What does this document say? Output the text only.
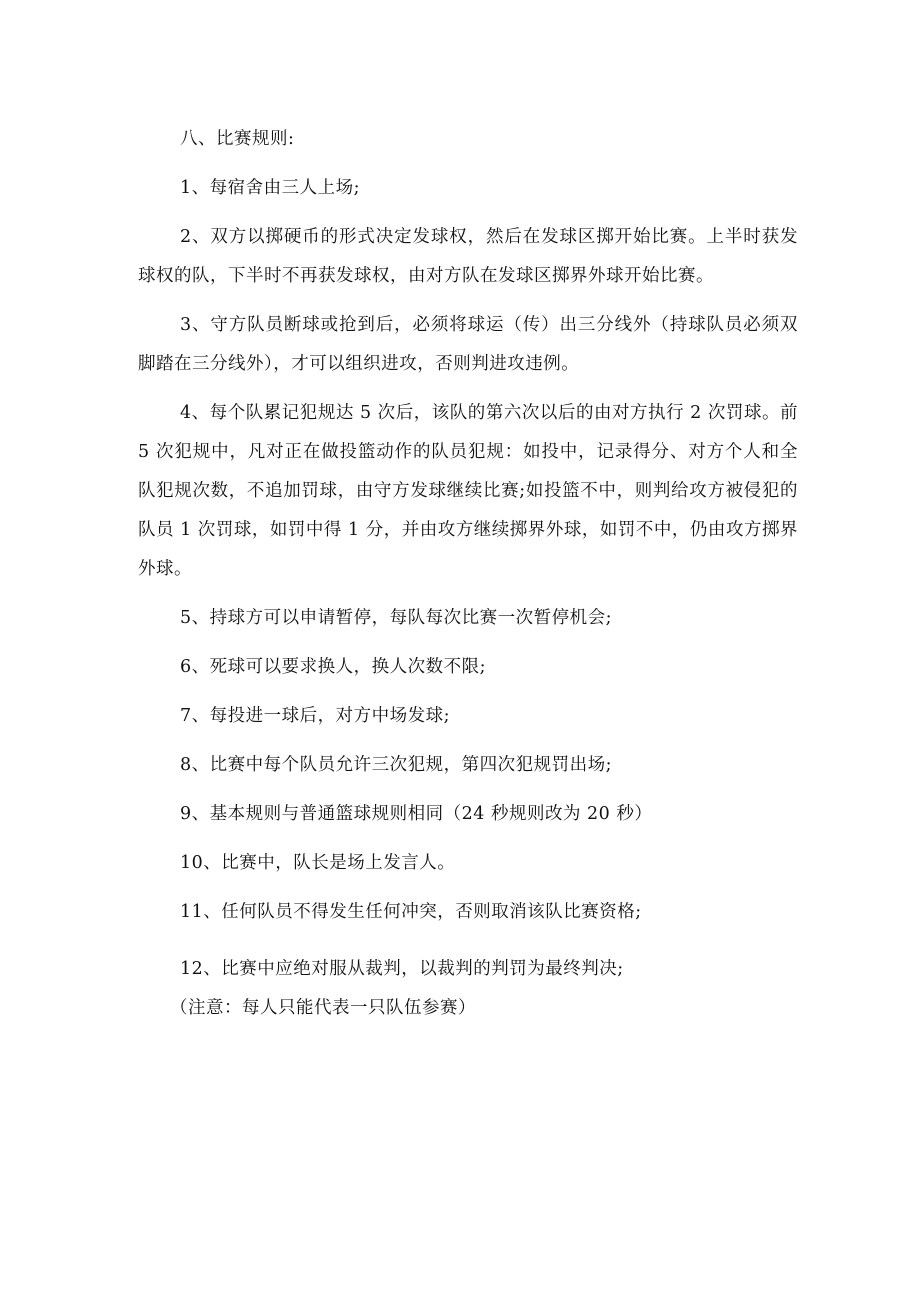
八、比赛规则:

1、每宿舍由三人上场;

2、双方以掷硬币的形式决定发球权，然后在发球区掷开始比赛。上半时获发球权的队，下半时不再获发球权，由对方队在发球区掷界外球开始比赛。

3、守方队员断球或抢到后，必须将球运（传）出三分线外（持球队员必须双脚踏在三分线外），才可以组织进攻，否则判进攻违例。

4、每个队累记犯规达 5 次后，该队的第六次以后的由对方执行 2 次罚球。前 5 次犯规中，凡对正在做投篮动作的队员犯规：如投中，记录得分、对方个人和全队犯规次数，不追加罚球，由守方发球继续比赛;如投篮不中，则判给攻方被侵犯的队员 1 次罚球，如罚中得 1 分，并由攻方继续掷界外球，如罚不中，仍由攻方掷界外球。

5、持球方可以申请暂停，每队每次比赛一次暂停机会;

6、死球可以要求换人，换人次数不限;

7、每投进一球后，对方中场发球;

8、比赛中每个队员允许三次犯规，第四次犯规罚出场;

9、基本规则与普通篮球规则相同（24 秒规则改为 20 秒）

10、比赛中，队长是场上发言人。

11、任何队员不得发生任何冲突，否则取消该队比赛资格;

12、比赛中应绝对服从裁判，以裁判的判罚为最终判决;

（注意：每人只能代表一只队伍参赛）
